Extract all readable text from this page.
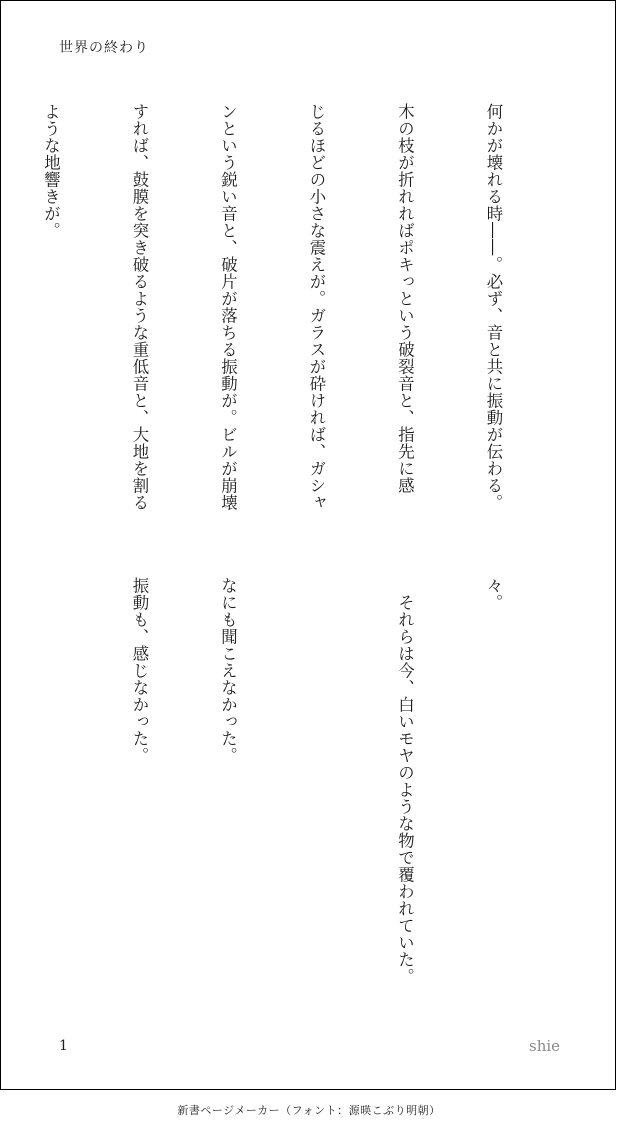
世界の終わり

何かが壊れる時――。必ず、音と共に振動が伝わる。

木の枝が折れればポキっという破裂音と、指先に感

じるほどの小さな震えが。ガラスが砕ければ、ガシャ

ンという鋭い音と、破片が落ちる振動が。ビルが崩壊

すれば、鼓膜を突き破るような重低音と、大地を割る

ような地響きが。

々。

　それらは今、白いモヤのような物で覆われていた。

なにも聞こえなかった。

振動も、感じなかった。

1	shie
新書ページメーカー（フォント：源暎こぶり明朝）
